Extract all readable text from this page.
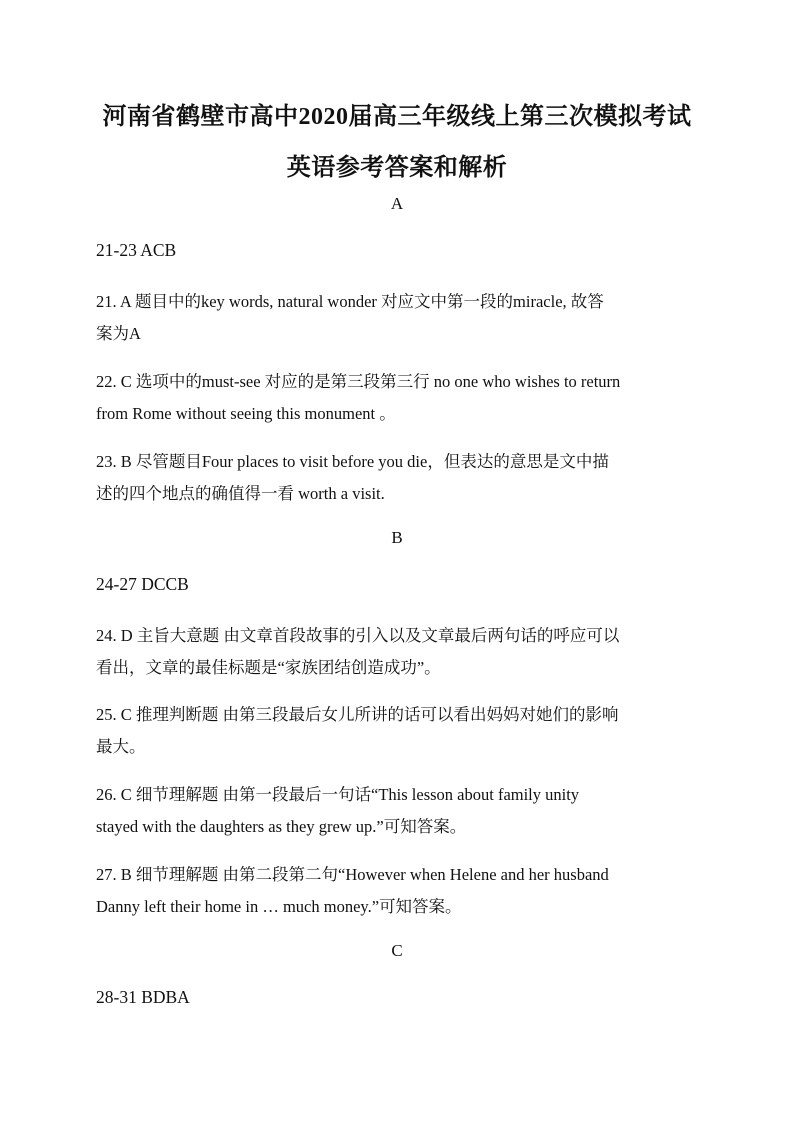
河南省鹤壁市高中2020届高三年级线上第三次模拟考试
英语参考答案和解析
A
21-23 ACB
21. A 题目中的key words, natural wonder 对应文中第一段的miracle, 故答
案为A
22. C 选项中的must-see 对应的是第三段第三行 no one who wishes to return
from Rome without seeing this monument 。
23. B 尽管题目Four places to visit before you die，但表达的意思是文中描
述的四个地点的确值得一看 worth a visit.
B
24-27 DCCB
24. D 主旨大意题 由文章首段故事的引入以及文章最后两句话的呼应可以
看出，文章的最佳标题是“家族团结创造成功”。
25. C 推理判断题 由第三段最后女儿所讲的话可以看出妈妈对她们的影响
最大。
26. C 细节理解题 由第一段最后一句话“This lesson about family unity
stayed with the daughters as they grew up.”可知答案。
27. B 细节理解题 由第二段第二句“However when Helene and her husband
Danny left their home in … much money.”可知答案。
C
28-31 BDBA
